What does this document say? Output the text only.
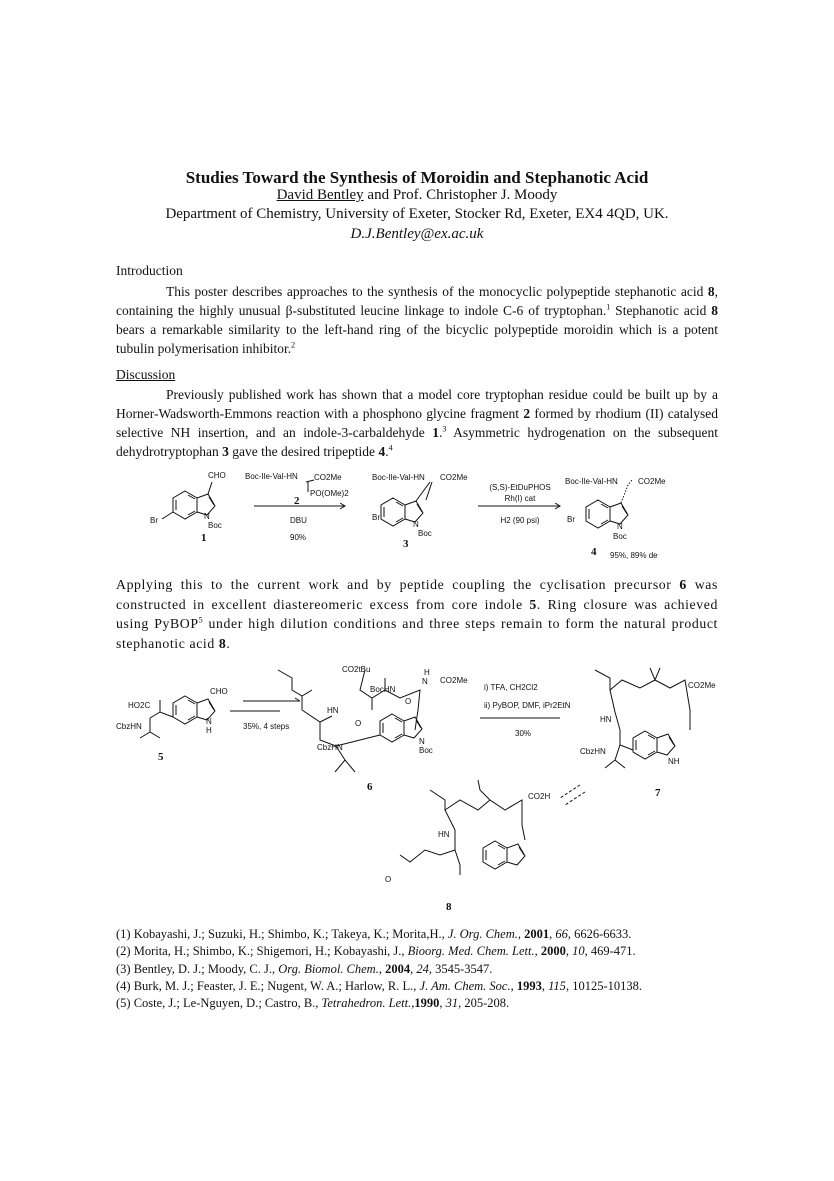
Studies Toward the Synthesis of Moroidin and Stephanotic Acid
David Bentley and Prof. Christopher J. Moody
Department of Chemistry, University of Exeter, Stocker Rd, Exeter, EX4 4QD, UK.
D.J.Bentley@ex.ac.uk
Introduction
This poster describes approaches to the synthesis of the monocyclic polypeptide stephanotic acid 8, containing the highly unusual β-substituted leucine linkage to indole C-6 of tryptophan.$^1$ Stephanotic acid 8 bears a remarkable similarity to the left-hand ring of the bicyclic polypeptide moroidin which is a potent tubulin polymerisation inhibitor.$^2$
Discussion
Previously published work has shown that a model core tryptophan residue could be built up by a Horner-Wadsworth-Emmons reaction with a phosphono glycine fragment 2 formed by rhodium (II) catalysed selective NH insertion, and an indole-3-carbaldehyde 1.$^3$ Asymmetric hydrogenation on the subsequent dehydrotryptophan 3 gave the desired tripeptide 4.$^4$
CHO
Br	N
Boc
1
Boc-Ile-Val-HN CO2Me
PO(OMe)2
2
DBU
90%
Boc-Ile-Val-HN CO2Me
Br
N
Boc
3
(S,S)-EtDuPHOS
Rh(I) cat
H2 (90 psi)
Boc-Ile-Val-HN	CO2Me
Br
N
Boc
4 95%, 89% de
Applying this to the current work and by peptide coupling the cyclisation precursor 6 was constructed in excellent diastereomeric excess from core indole 5. Ring closure was achieved using PyBOP$^5$ under high dilution conditions and three steps remain to form the natural product stephanotic acid 8.
HO2C
CbzHN
CHO
N
H
5
35%, 4 steps
CO2tBu
BocHN
H
N CO2Me
O
HN
O
CbzHN
N
Boc
6
i) TFA, CH2Cl2
ii) PyBOP, DMF, iPr2EtN
30%
CO2Me
HN
CbzHN
NH
7
CO2H
HN
O
8
(1) Kobayashi, J.; Suzuki, H.; Shimbo, K.; Takeya, K.; Morita,H., J. Org. Chem., 2001, 66, 6626-6633.
(2) Morita, H.; Shimbo, K.; Shigemori, H.; Kobayashi, J., Bioorg. Med. Chem. Lett., 2000, 10, 469-471.
(3) Bentley, D. J.; Moody, C. J., Org. Biomol. Chem., 2004, 24, 3545-3547.
(4) Burk, M. J.; Feaster, J. E.; Nugent, W. A.; Harlow, R. L., J. Am. Chem. Soc., 1993, 115, 10125-10138.
(5) Coste, J.; Le-Nguyen, D.; Castro, B., Tetrahedron. Lett.,1990, 31, 205-208.
